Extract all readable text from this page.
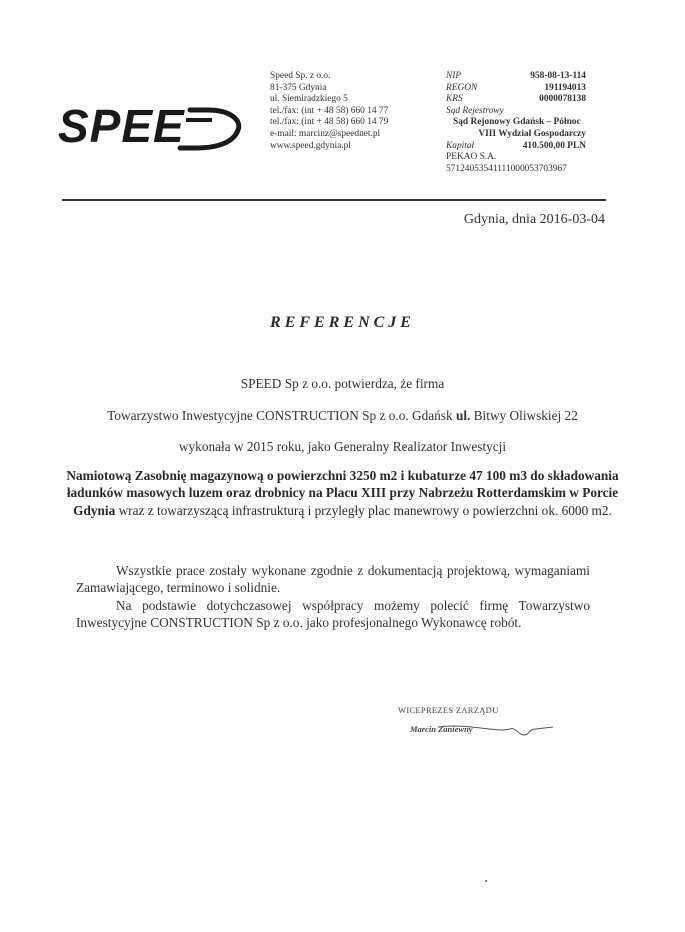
SPEE
Speed Sp. z o.o.
81-375 Gdynia
ul. Siemiradzkiego 5
tel./fax: (int + 48 58) 660 14 77
tel./fax: (int + 48 58) 660 14 79
e-mail: marcinz@speednet.pl
www.speed.gdynia.pl
NIP	958-08-13-114
REGON	191194013
KRS	0000078138
Sąd Rejestrowy
Sąd Rejonowy Gdańsk – Północ
VIII Wydział Gospodarczy
Kapitał	410.500,00 PLN
PEKAO S.A.
57124053541111000053703967
Gdynia, dnia 2016-03-04
REFERENCJE
SPEED Sp z o.o. potwierdza, że firma
Towarzystwo Inwestycyjne CONSTRUCTION Sp z o.o. Gdańsk ul. Bitwy Oliwskiej 22
wykonała w 2015 roku, jako Generalny Realizator Inwestycji
Namiotową Zasobnię magazynową o powierzchni 3250 m2 i kubaturze 47 100 m3 do składowania ładunków masowych luzem oraz drobnicy na Placu XIII przy Nabrzeżu Rotterdamskim w Porcie Gdynia wraz z towarzyszącą infrastrukturą i przyległy plac manewrowy o powierzchni ok. 6000 m2.

Wszystkie prace zostały wykonane zgodnie z dokumentacją projektową, wymaganiami Zamawiającego, terminowo i solidnie.

Na podstawie dotychczasowej współpracy możemy polecić firmę Towarzystwo Inwestycyjne CONSTRUCTION Sp z o.o. jako profesjonalnego Wykonawcę robót.

WICEPREZES ZARZĄDU
Marcin Zaniewny
